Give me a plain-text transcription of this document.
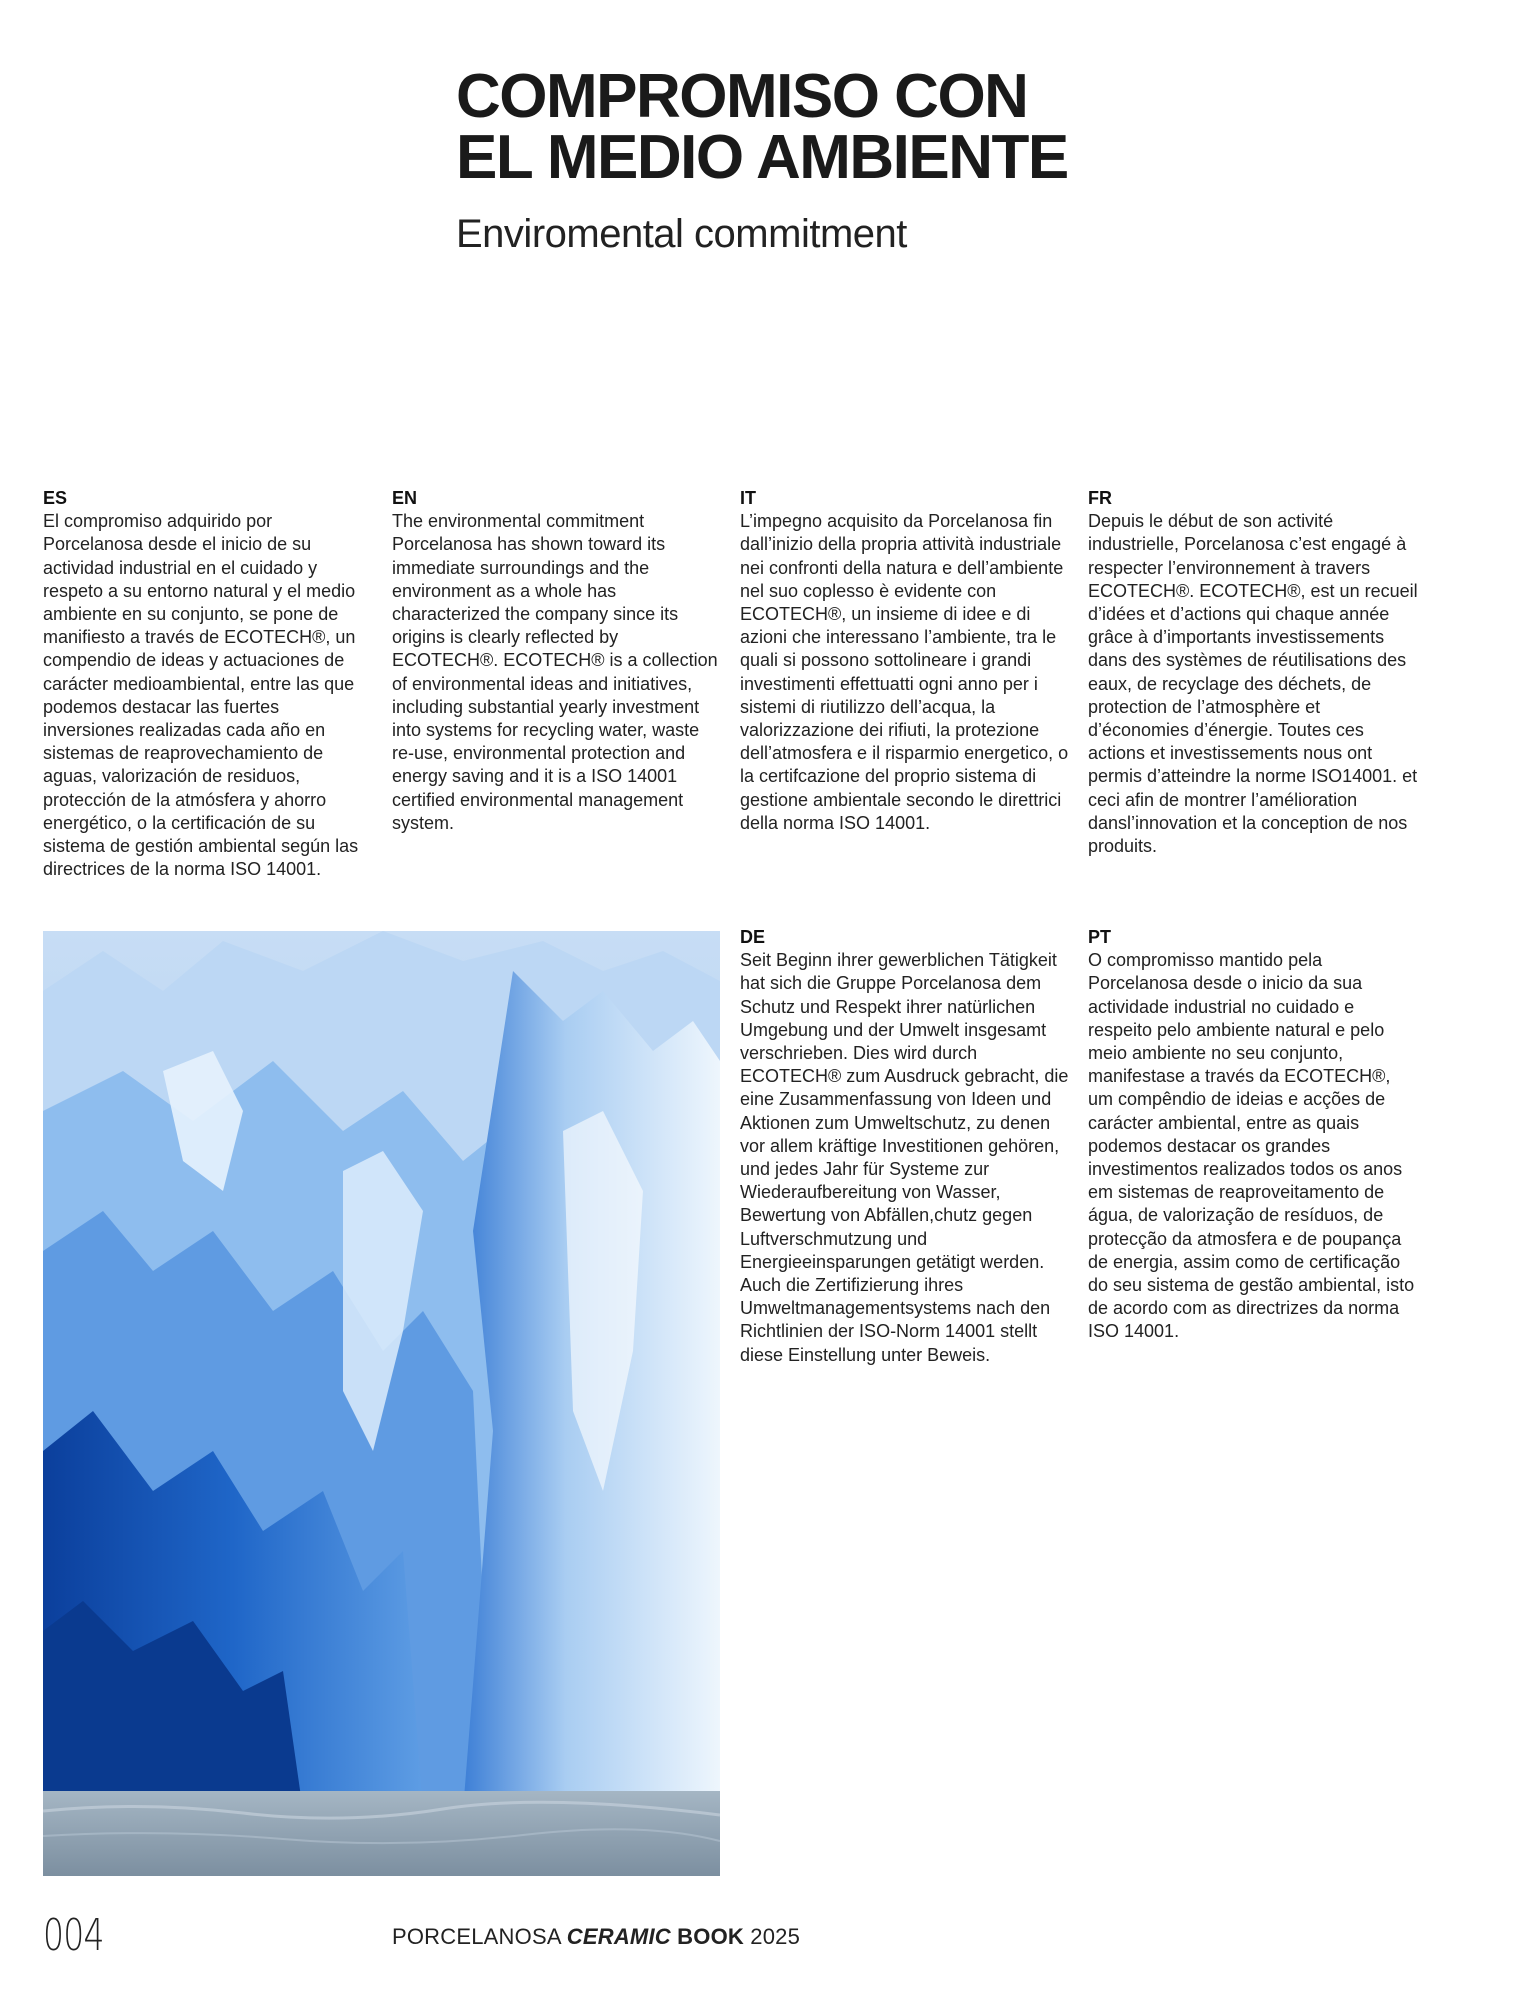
COMPROMISO CON
EL MEDIO AMBIENTE
Enviromental commitment
ES
El compromiso adquirido por Porcelanosa desde el inicio de su actividad industrial en el cuidado y respeto a su entorno natural y el medio ambiente en su conjunto, se pone de manifiesto a través de ECOTECH®, un compendio de ideas y actuaciones de carácter medioambiental, entre las que podemos destacar las fuertes inversiones realizadas cada año en sistemas de reaprovechamiento de aguas, valorización de residuos, protección de la atmósfera y ahorro energético, o la certificación de su sistema de gestión ambiental según las directrices de la norma ISO 14001.
EN
The environmental commitment Porcelanosa has shown toward its immediate surroundings and the environment as a whole has characterized the company since its origins is clearly reflected by ECOTECH®. ECOTECH® is a collection of environmental ideas and initiatives, including substantial yearly investment into systems for recycling water, waste re-use, environmental protection and energy saving and it is a ISO 14001 certified environmental management system.
IT
L’impegno acquisito da Porcelanosa fin dall’inizio della propria attività industriale nei confronti della natura e dell’ambiente nel suo coplesso è evidente con ECOTECH®, un insieme di idee e di azioni che interessano l’ambiente, tra le quali si possono sottolineare i grandi investimenti effettuatti ogni anno per i sistemi di riutilizzo dell’acqua, la valorizzazione dei rifiuti, la protezione dell’atmosfera e il risparmio energetico, o la certifcazione del proprio sistema di gestione ambientale secondo le direttrici della norma ISO 14001.
FR
Depuis le début de son activité industrielle, Porcelanosa c’est engagé à respecter l’environnement à travers ECOTECH®. ECOTECH®, est un recueil d’idées et d’actions qui chaque année grâce à d’importants investissements dans des systèmes de réutilisations des eaux, de recyclage des déchets, de protection de l’atmosphère et d’économies d’énergie. Toutes ces actions et investissements nous ont permis d’atteindre la norme ISO14001. et ceci afin de montrer l’amélioration dansl’innovation et la conception de nos produits.
DE
Seit Beginn ihrer gewerblichen Tätigkeit hat sich die Gruppe Porcelanosa dem Schutz und Respekt ihrer natürlichen Umgebung und der Umwelt insgesamt verschrieben. Dies wird durch ECOTECH® zum Ausdruck gebracht, die eine Zusammenfassung von Ideen und Aktionen zum Umweltschutz, zu denen vor allem kräftige Investitionen gehören, und jedes Jahr für Systeme zur Wiederaufbereitung von Wasser, Bewertung von Abfällen,chutz gegen Luftverschmutzung und Energieeinsparungen getätigt werden. Auch die Zertifizierung ihres Umweltmanagementsystems nach den Richtlinien der ISO-Norm 14001 stellt diese Einstellung unter Beweis.
PT
O compromisso mantido pela Porcelanosa desde o inicio da sua actividade industrial no cuidado e respeito pelo ambiente natural e pelo meio ambiente no seu conjunto, manifestase a través da ECOTECH®, um compêndio de ideias e acções de carácter ambiental, entre as quais podemos destacar os grandes investimentos realizados todos os anos em sistemas de reaproveitamento de água, de valorização de resíduos, de protecção da atmosfera e de poupança de energia, assim como de certificação do seu sistema de gestão ambiental, isto de acordo com as directrizes da norma ISO 14001.
004	PORCELANOSA CERAMIC BOOK 2025
